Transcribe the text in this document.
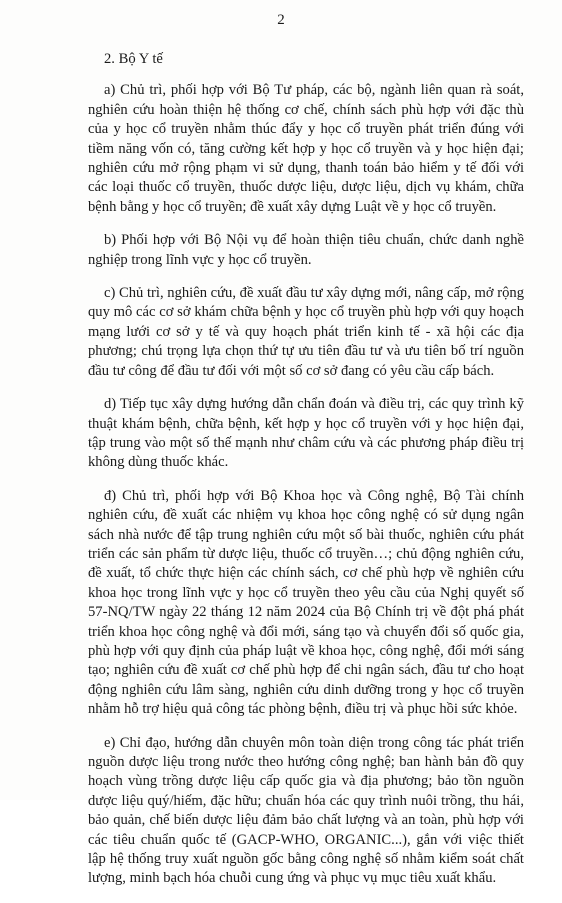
2

2. Bộ Y tế

a) Chủ trì, phối hợp với Bộ Tư pháp, các bộ, ngành liên quan rà soát, nghiên cứu hoàn thiện hệ thống cơ chế, chính sách phù hợp với đặc thù của y học cổ truyền nhằm thúc đẩy y học cổ truyền phát triển đúng với tiềm năng vốn có, tăng cường kết hợp y học cổ truyền và y học hiện đại; nghiên cứu mở rộng phạm vi sử dụng, thanh toán bảo hiểm y tế đối với các loại thuốc cổ truyền, thuốc dược liệu, dược liệu, dịch vụ khám, chữa bệnh bằng y học cổ truyền; đề xuất xây dựng Luật về y học cổ truyền.

b) Phối hợp với Bộ Nội vụ để hoàn thiện tiêu chuẩn, chức danh nghề nghiệp trong lĩnh vực y học cổ truyền.

c) Chủ trì, nghiên cứu, đề xuất đầu tư xây dựng mới, nâng cấp, mở rộng quy mô các cơ sở khám chữa bệnh y học cổ truyền phù hợp với quy hoạch mạng lưới cơ sở y tế và quy hoạch phát triển kinh tế - xã hội các địa phương; chú trọng lựa chọn thứ tự ưu tiên đầu tư và ưu tiên bố trí nguồn đầu tư công để đầu tư đối với một số cơ sở đang có yêu cầu cấp bách.

d) Tiếp tục xây dựng hướng dẫn chẩn đoán và điều trị, các quy trình kỹ thuật khám bệnh, chữa bệnh, kết hợp y học cổ truyền với y học hiện đại, tập trung vào một số thế mạnh như châm cứu và các phương pháp điều trị không dùng thuốc khác.

đ) Chủ trì, phối hợp với Bộ Khoa học và Công nghệ, Bộ Tài chính nghiên cứu, đề xuất các nhiệm vụ khoa học công nghệ có sử dụng ngân sách nhà nước để tập trung nghiên cứu một số bài thuốc, nghiên cứu phát triển các sản phẩm từ dược liệu, thuốc cổ truyền…; chủ động nghiên cứu, đề xuất, tổ chức thực hiện các chính sách, cơ chế phù hợp về nghiên cứu khoa học trong lĩnh vực y học cổ truyền theo yêu cầu của Nghị quyết số 57-NQ/TW ngày 22 tháng 12 năm 2024 của Bộ Chính trị về đột phá phát triển khoa học công nghệ và đổi mới, sáng tạo và chuyển đổi số quốc gia, phù hợp với quy định của pháp luật về khoa học, công nghệ, đổi mới sáng tạo; nghiên cứu đề xuất cơ chế phù hợp để chi ngân sách, đầu tư cho hoạt động nghiên cứu lâm sàng, nghiên cứu dinh dưỡng trong y học cổ truyền nhằm hỗ trợ hiệu quả công tác phòng bệnh, điều trị và phục hồi sức khỏe.

e) Chỉ đạo, hướng dẫn chuyên môn toàn diện trong công tác phát triển nguồn dược liệu trong nước theo hướng công nghệ; ban hành bản đồ quy hoạch vùng trồng dược liệu cấp quốc gia và địa phương; bảo tồn nguồn dược liệu quý/hiếm, đặc hữu; chuẩn hóa các quy trình nuôi trồng, thu hái, bảo quản, chế biến dược liệu đảm bảo chất lượng và an toàn, phù hợp với các tiêu chuẩn quốc tế (GACP-WHO, ORGANIC...), gắn với việc thiết lập hệ thống truy xuất nguồn gốc bằng công nghệ số nhằm kiểm soát chất lượng, minh bạch hóa chuỗi cung ứng và phục vụ mục tiêu xuất khẩu.
